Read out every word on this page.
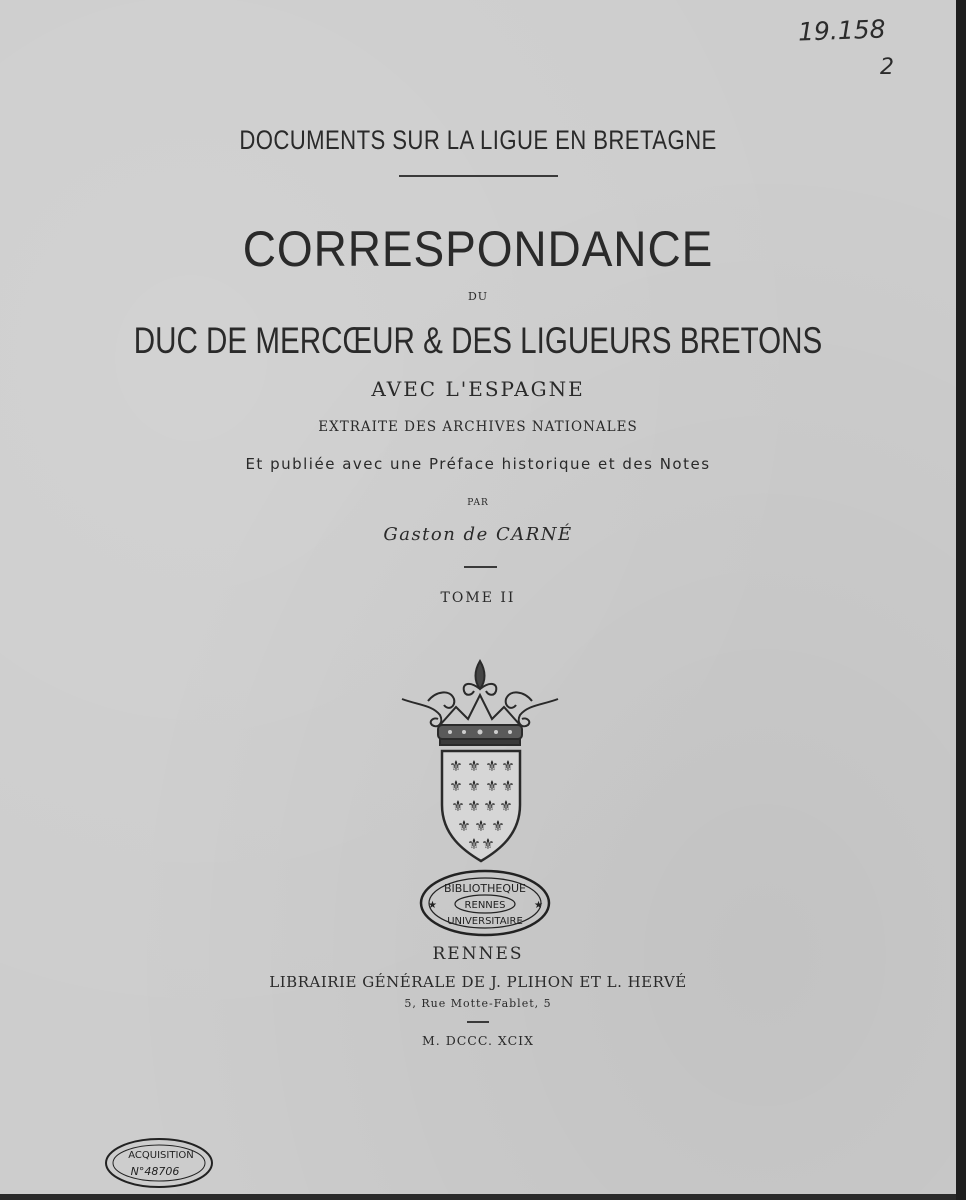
19.158
2
DOCUMENTS SUR LA LIGUE EN BRETAGNE
CORRESPONDANCE
DU
DUC DE MERCŒUR & DES LIGUEURS BRETONS
AVEC L'ESPAGNE
EXTRAITE DES ARCHIVES NATIONALES
Et publiée avec une Préface historique et des Notes
PAR
Gaston de CARNÉ
TOME II
⚜ ⚜ ⚜ ⚜
⚜ ⚜ ⚜ ⚜
⚜ ⚜ ⚜ ⚜
⚜ ⚜ ⚜
⚜ ⚜
BIBLIOTHEQUE
RENNES
UNIVERSITAIRE
★	★
RENNES
LIBRAIRIE GÉNÉRALE DE J. PLIHON ET L. HERVÉ
5, Rue Motte-Fablet, 5
M. DCCC. XCIX
ACQUISITION
N°48706
